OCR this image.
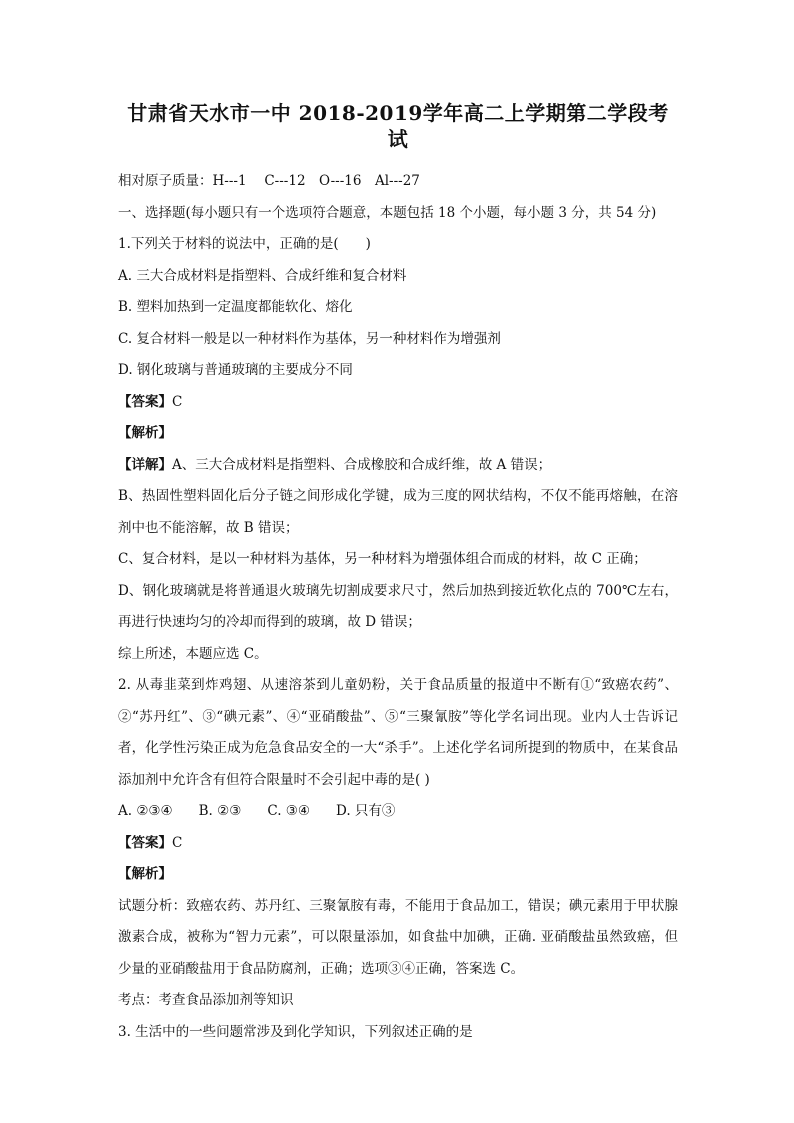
甘肃省天水市一中 2018-2019学年高二上学期第二学段考试

相对原子质量：H---1　 C---12　O---16　Al---27

一、选择题(每小题只有一个选项符合题意，本题包括 18 个小题，每小题 3 分，共 54 分)

1.下列关于材料的说法中，正确的是(　　)

A. 三大合成材料是指塑料、合成纤维和复合材料

B. 塑料加热到一定温度都能软化、熔化

C. 复合材料一般是以一种材料作为基体，另一种材料作为增强剂

D. 钢化玻璃与普通玻璃的主要成分不同

【答案】C

【解析】

【详解】A、三大合成材料是指塑料、合成橡胶和合成纤维，故 A 错误；

B、热固性塑料固化后分子链之间形成化学键，成为三度的网状结构，不仅不能再熔触，在溶剂中也不能溶解，故 B 错误；

C、复合材料，是以一种材料为基体，另一种材料为增强体组合而成的材料，故 C 正确；

D、钢化玻璃就是将普通退火玻璃先切割成要求尺寸，然后加热到接近软化点的 700℃左右，再进行快速均匀的冷却而得到的玻璃，故 D 错误；

综上所述，本题应选 C。

2. 从毒韭菜到炸鸡翅、从速溶茶到儿童奶粉，关于食品质量的报道中不断有①“致癌农药”、②“苏丹红”、③“碘元素”、④“亚硝酸盐”、⑤“三聚氰胺”等化学名词出现。业内人士告诉记者，化学性污染正成为危急食品安全的一大“杀手”。上述化学名词所提到的物质中，在某食品添加剂中允许含有但符合限量时不会引起中毒的是( )

A. ②③④ B. ②③ C. ③④ D. 只有③

【答案】C

【解析】

试题分析：致癌农药、苏丹红、三聚氰胺有毒，不能用于食品加工，错误；碘元素用于甲状腺激素合成，被称为“智力元素”，可以限量添加，如食盐中加碘，正确. 亚硝酸盐虽然致癌，但少量的亚硝酸盐用于食品防腐剂，正确；选项③④正确，答案选 C。

考点：考查食品添加剂等知识

3. 生活中的一些问题常涉及到化学知识，下列叙述正确的是
